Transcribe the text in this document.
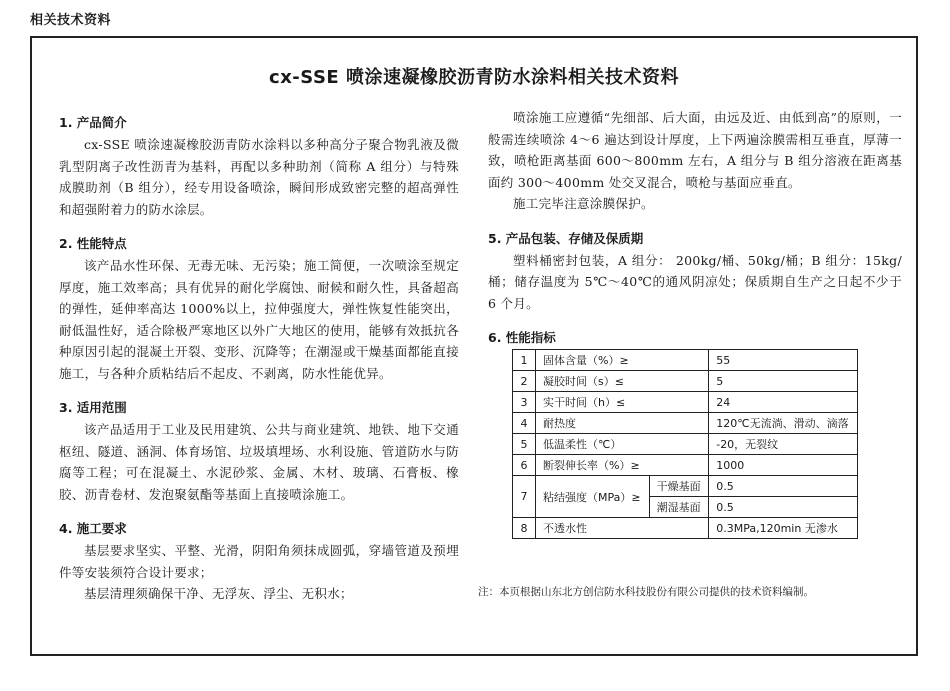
相关技术资料
cx-SSE 喷涂速凝橡胶沥青防水涂料相关技术资料
1. 产品简介

cx-SSE 喷涂速凝橡胶沥青防水涂料以多种高分子聚合物乳液及微乳型阴离子改性沥青为基料，再配以多种助剂（简称 A 组分）与特殊成膜助剂（B 组分），经专用设备喷涂，瞬间形成致密完整的超高弹性和超强附着力的防水涂层。

2. 性能特点

该产品水性环保、无毒无味、无污染；施工简便，一次喷涂至规定厚度，施工效率高；具有优异的耐化学腐蚀、耐候和耐久性，具备超高的弹性，延伸率高达 1000%以上，拉伸强度大，弹性恢复性能突出，耐低温性好，适合除极严寒地区以外广大地区的使用，能够有效抵抗各种原因引起的混凝土开裂、变形、沉降等；在潮湿或干燥基面都能直接施工，与各种介质粘结后不起皮、不剥离，防水性能优异。

3. 适用范围

该产品适用于工业及民用建筑、公共与商业建筑、地铁、地下交通枢纽、隧道、涵洞、体育场馆、垃圾填埋场、水利设施、管道防水与防腐等工程；可在混凝土、水泥砂浆、金属、木材、玻璃、石膏板、橡胶、沥青卷材、发泡聚氨酯等基面上直接喷涂施工。

4. 施工要求

基层要求坚实、平整、光滑，阴阳角须抹成圆弧，穿墙管道及预埋件等安装须符合设计要求；

基层清理须确保干净、无浮灰、浮尘、无积水；

喷涂施工应遵循“先细部、后大面，由远及近、由低到高”的原则，一般需连续喷涂 4～6 遍达到设计厚度，上下两遍涂膜需相互垂直，厚薄一致，喷枪距离基面 600～800mm 左右，A 组分与 B 组分溶液在距离基面约 300～400mm 处交叉混合，喷枪与基面应垂直。

施工完毕注意涂膜保护。

5. 产品包装、存储及保质期

塑料桶密封包装，A 组分： 200kg/桶、50kg/桶；B 组分：15kg/桶；储存温度为 5℃～40℃的通风阴凉处；保质期自生产之日起不少于 6 个月。

6. 性能指标
1	固体含量（%）≥		55
2	凝胶时间（s）≤		5
3	实干时间（h）≤		24
4	耐热度		120℃无流淌、滑动、滴落
5	低温柔性（℃）		-20，无裂纹
6	断裂伸长率（%）≥		1000
7	粘结强度（MPa）≥	干燥基面	0.5
		潮湿基面	0.5
8	不透水性		0.3MPa,120min 无渗水
注：本页根据山东北方创信防水科技股份有限公司提供的技术资料编制。
